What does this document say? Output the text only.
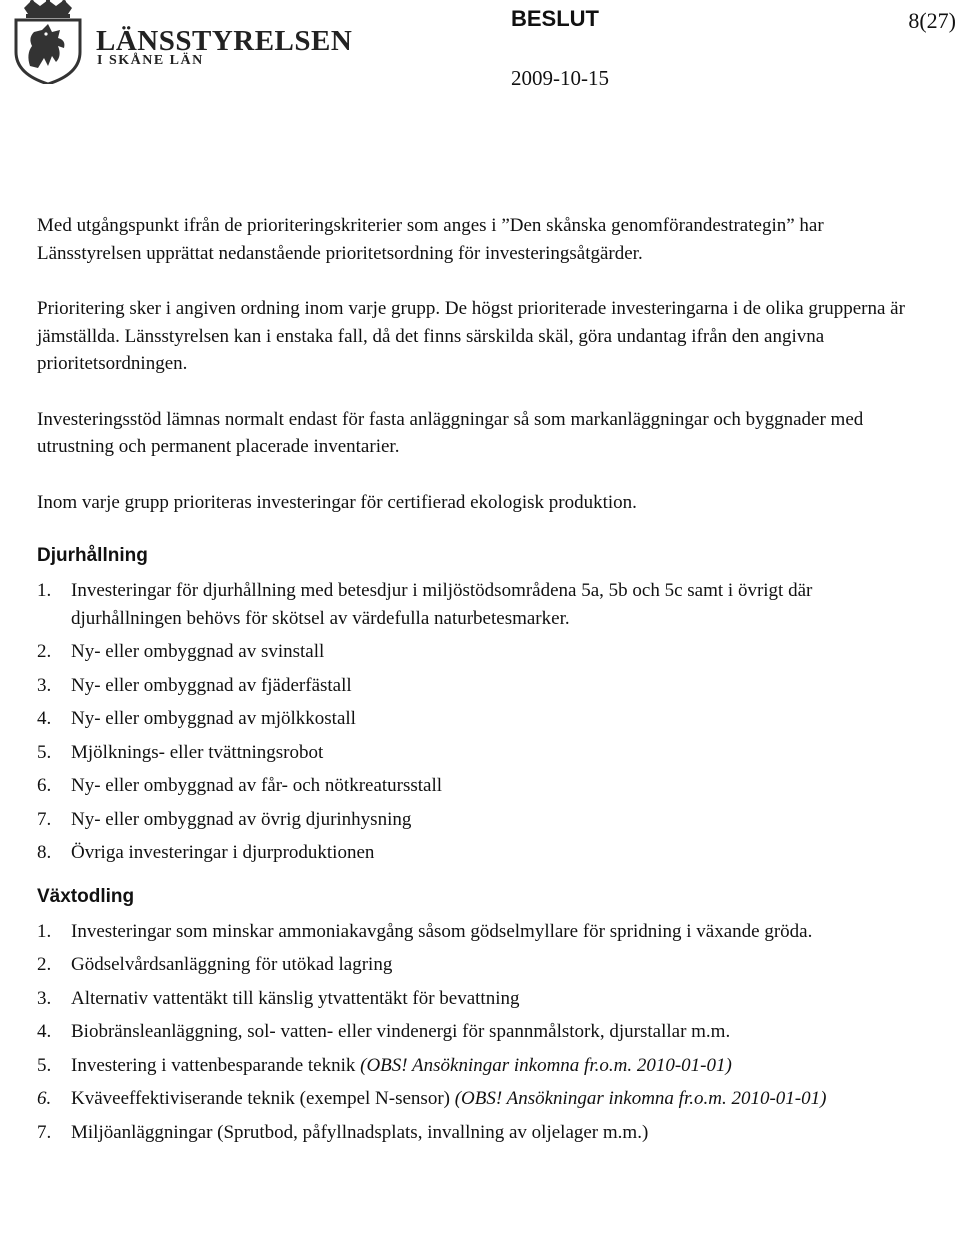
LÄNSSTYRELSEN
I SKÅNE LÄN
BESLUT	8(27)
2009-10-15

Med utgångspunkt ifrån de prioriteringskriterier som anges i ”Den skånska genomförandestrategin” har Länsstyrelsen upprättat nedanstående prioritetsordning för investeringsåtgärder.

Prioritering sker i angiven ordning inom varje grupp. De högst prioriterade investeringarna i de olika grupperna är jämställda. Länsstyrelsen kan i enstaka fall, då det finns särskilda skäl, göra undantag ifrån den angivna prioritetsordningen.

Investeringsstöd lämnas normalt endast för fasta anläggningar så som markanläggningar och byggnader med utrustning och permanent placerade inventarier.

Inom varje grupp prioriteras investeringar för certifierad ekologisk produktion.

Djurhållning
1. Investeringar för djurhållning med betesdjur i miljöstödsområdena 5a, 5b och 5c samt i övrigt där djurhållningen behövs för skötsel av värdefulla naturbetesmarker.
2. Ny- eller ombyggnad av svinstall
3. Ny- eller ombyggnad av fjäderfästall
4. Ny- eller ombyggnad av mjölkkostall
5. Mjölknings- eller tvättningsrobot
6. Ny- eller ombyggnad av får- och nötkreatursstall
7. Ny- eller ombyggnad av övrig djurinhysning
8. Övriga investeringar i djurproduktionen
Växtodling
1. Investeringar som minskar ammoniakavgång såsom gödselmyllare för spridning i växande gröda.
2. Gödselvårdsanläggning för utökad lagring
3. Alternativ vattentäkt till känslig ytvattentäkt för bevattning
4. Biobränsleanläggning, sol- vatten- eller vindenergi för spannmålstork, djurstallar m.m.
5. Investering i vattenbesparande teknik (OBS! Ansökningar inkomna fr.o.m. 2010-01-01)
6. Kväveeffektiviserande teknik (exempel N-sensor) (OBS! Ansökningar inkomna fr.o.m. 2010-01-01)
7. Miljöanläggningar (Sprutbod, påfyllnadsplats, invallning av oljelager m.m.)
